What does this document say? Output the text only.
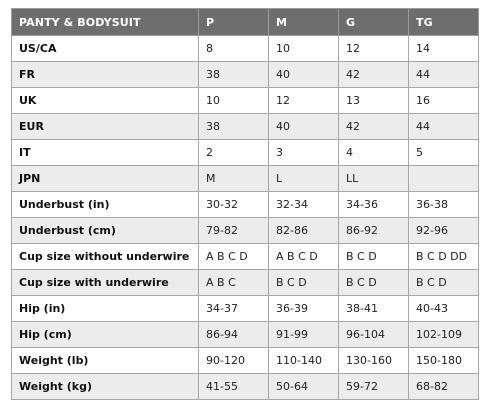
PANTY & BODYSUIT	P	M	G	TG
US/CA	8	10	12	14
FR	38	40	42	44
UK	10	12	13	16
EUR	38	40	42	44
IT	2	3	4	5
JPN	M	L	LL	
Underbust (in)	30-32	32-34	34-36	36-38
Underbust (cm)	79-82	82-86	86-92	92-96
Cup size without underwire	A B C D	A B C D	B C D	B C D DD
Cup size with underwire	A B C	B C D	B C D	B C D
Hip (in)	34-37	36-39	38-41	40-43
Hip (cm)	86-94	91-99	96-104	102-109
Weight (lb)	90-120	110-140	130-160	150-180
Weight (kg)	41-55	50-64	59-72	68-82
